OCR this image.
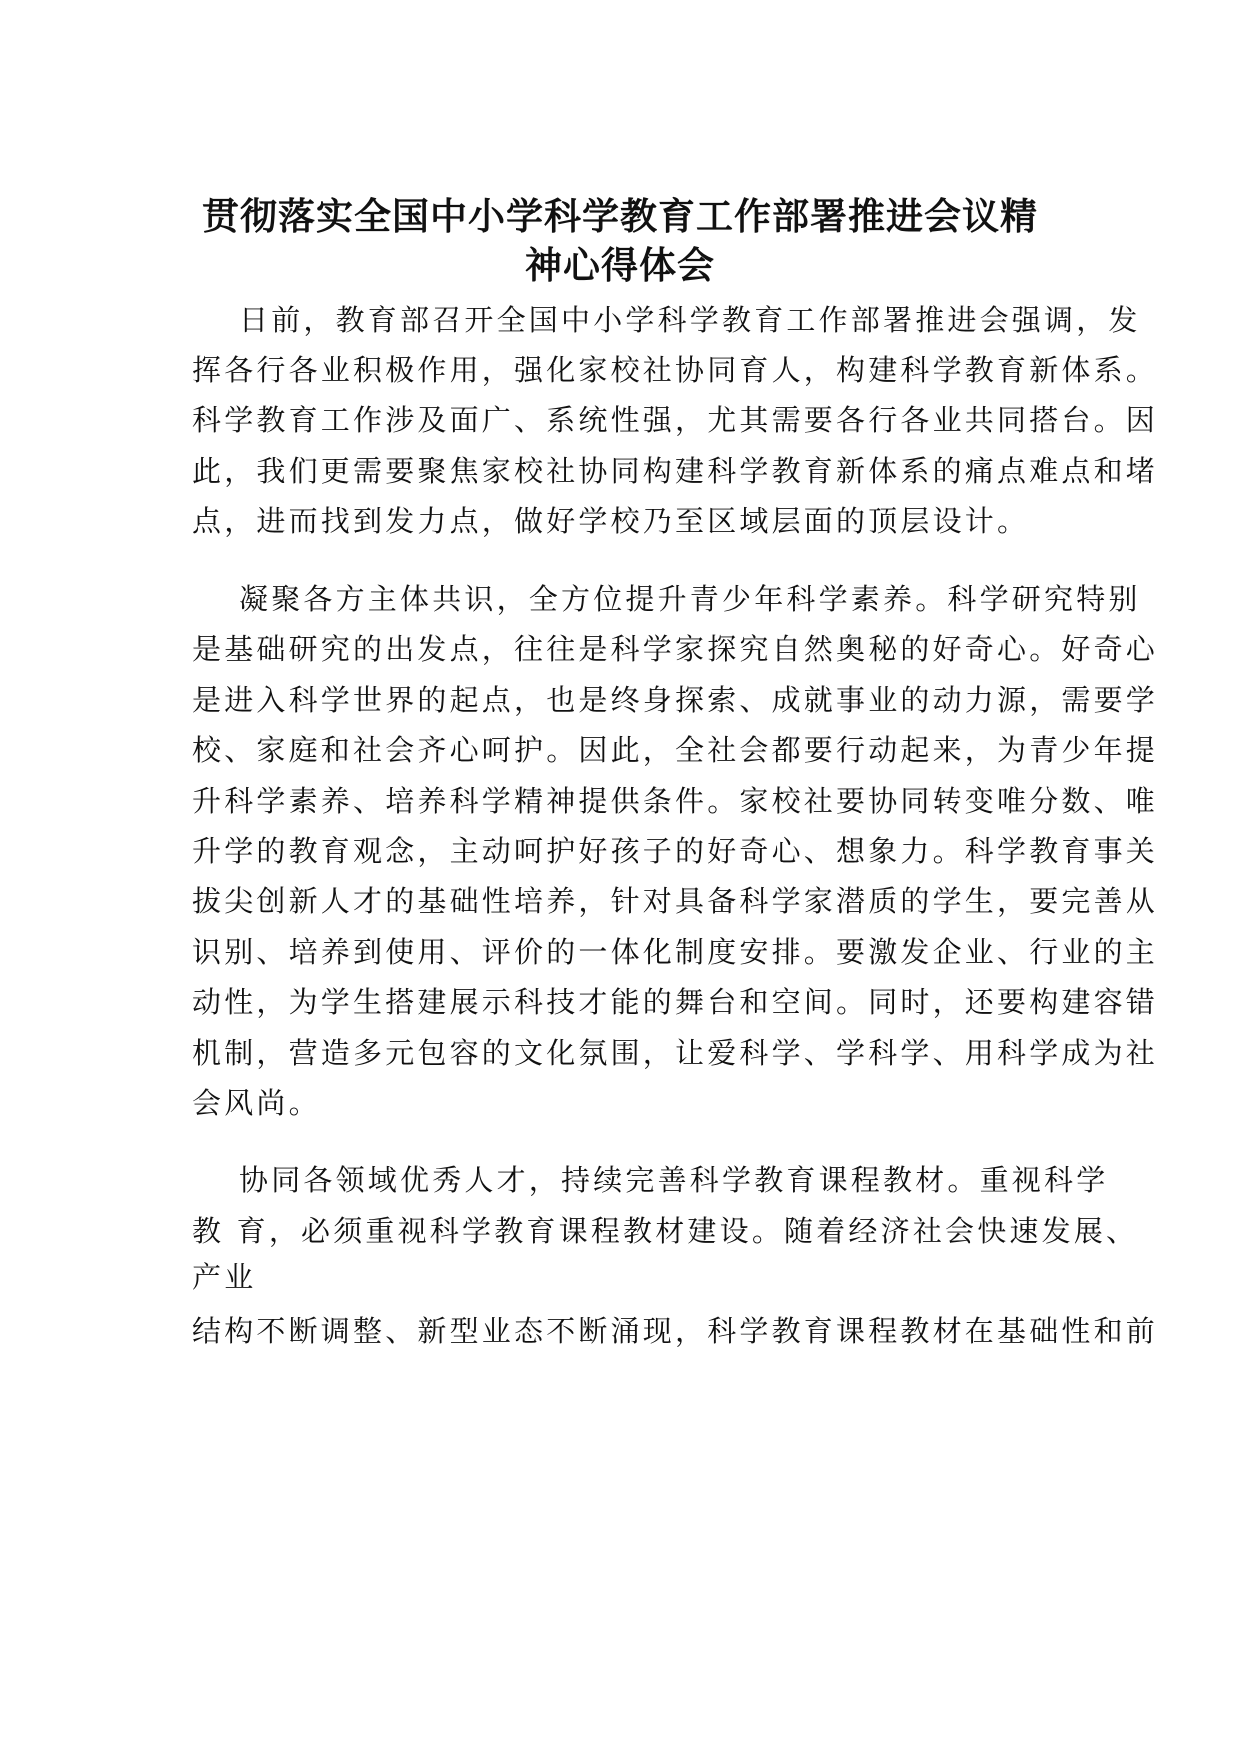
贯彻落实全国中小学科学教育工作部署推进会议精
神心得体会

日前，教育部召开全国中小学科学教育工作部署推进会强调，发

挥各行各业积极作用，强化家校社协同育人，构建科学教育新体系。

科学教育工作涉及面广、系统性强，尤其需要各行各业共同搭台。因

此，我们更需要聚焦家校社协同构建科学教育新体系的痛点难点和堵

点，进而找到发力点，做好学校乃至区域层面的顶层设计。

凝聚各方主体共识，全方位提升青少年科学素养。科学研究特别

是基础研究的出发点，往往是科学家探究自然奥秘的好奇心。好奇心

是进入科学世界的起点，也是终身探索、成就事业的动力源，需要学

校、家庭和社会齐心呵护。因此，全社会都要行动起来，为青少年提

升科学素养、培养科学精神提供条件。家校社要协同转变唯分数、唯

升学的教育观念，主动呵护好孩子的好奇心、想象力。科学教育事关

拔尖创新人才的基础性培养，针对具备科学家潜质的学生，要完善从

识别、培养到使用、评价的一体化制度安排。要激发企业、行业的主

动性，为学生搭建展示科技才能的舞台和空间。同时，还要构建容错

机制，营造多元包容的文化氛围，让爱科学、学科学、用科学成为社

会风尚。

协同各领域优秀人才，持续完善科学教育课程教材。重视科学

教 育，必须重视科学教育课程教材建设。随着经济社会快速发展、

产业

结构不断调整、新型业态不断涌现，科学教育课程教材在基础性和前
